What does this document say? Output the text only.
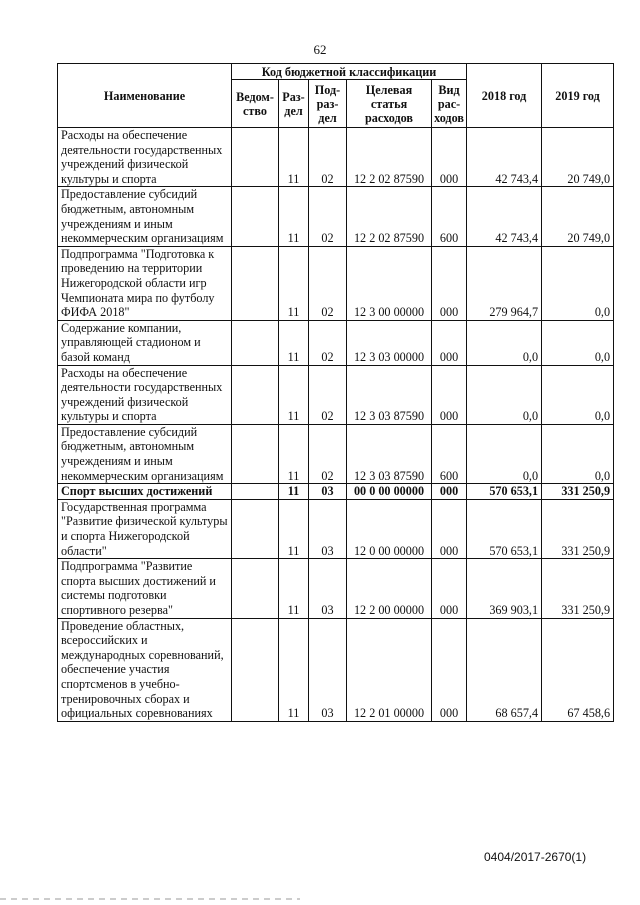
62
Наименование	Код бюджетной классификации					2018 год	2019 год
	Ведом-ство	Раз-дел	Под-раз-дел	Целевая статья расходов	Вид рас-ходов		
Расходы на обеспечение деятельности государственных учреждений физической культуры и спорта		11	02	12 2 02 87590	000	42 743,4	20 749,0
Предоставление субсидий бюджетным, автономным учреждениям и иным некоммерческим организациям		11	02	12 2 02 87590	600	42 743,4	20 749,0
Подпрограмма "Подготовка к проведению на территории Нижегородской области игр Чемпионата мира по футболу ФИФА 2018"		11	02	12 3 00 00000	000	279 964,7	0,0
Содержание компании, управляющей стадионом и базой команд		11	02	12 3 03 00000	000	0,0	0,0
Расходы на обеспечение деятельности государственных учреждений физической культуры и спорта		11	02	12 3 03 87590	000	0,0	0,0
Предоставление субсидий бюджетным, автономным учреждениям и иным некоммерческим организациям		11	02	12 3 03 87590	600	0,0	0,0
Спорт высших достижений		11	03	00 0 00 00000	000	570 653,1	331 250,9
Государственная программа "Развитие физической культуры и спорта Нижегородской области"		11	03	12 0 00 00000	000	570 653,1	331 250,9
Подпрограмма "Развитие спорта высших достижений и системы подготовки спортивного резерва"		11	03	12 2 00 00000	000	369 903,1	331 250,9
Проведение областных, всероссийских и международных соревнований, обеспечение участия спортсменов в учебно-тренировочных сборах и официальных соревнованиях		11	03	12 2 01 00000	000	68 657,4	67 458,6
0404/2017-2670(1)
